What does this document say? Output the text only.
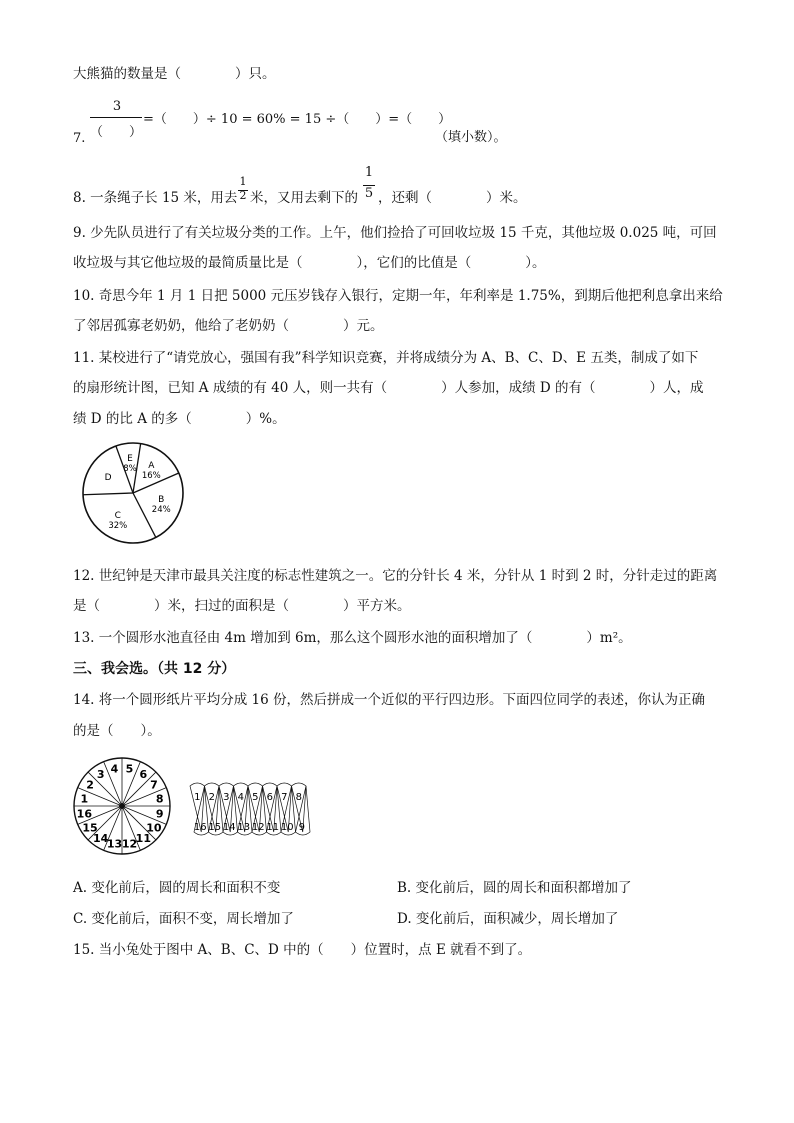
大熊猫的数量是（　　　　）只。
3
（　　）
=（　　）÷ 10 = 60% = 15 ÷（　　）=（　　）
7.	（填小数）。
8. 一条绳子长 15 米，用去
1
2 米，又用去剩下的
1
5 ，还剩（　　　　）米。
9. 少先队员进行了有关垃圾分类的工作。上午，他们捡拾了可回收垃圾 15 千克，其他垃圾 0.025 吨，可回
收垃圾与其它他垃圾的最简质量比是（　　　　），它们的比值是（　　　　）。
10. 奇思今年 1 月 1 日把 5000 元压岁钱存入银行，定期一年，年利率是 1.75%，到期后他把利息拿出来给
了邻居孤寡老奶奶，他给了老奶奶（　　　　）元。
11. 某校进行了“请党放心，强国有我”科学知识竞赛，并将成绩分为 A、B、C、D、E 五类，制成了如下
的扇形统计图，已知 A 成绩的有 40 人，则一共有（　　　　）人参加，成绩 D 的有（　　　　）人，成
绩 D 的比 A 的多（　　　　）%。
A
16%
B
24%
C
32%
D
E
8%
12. 世纪钟是天津市最具关注度的标志性建筑之一。它的分针长 4 米，分针从 1 时到 2 时，分针走过的距离
是（　　　　）米，扫过的面积是（　　　　）平方米。
13. 一个圆形水池直径由 4m 增加到 6m，那么这个圆形水池的面积增加了（　　　　）m²。
三、我会选。（共 12 分）
14. 将一个圆形纸片平均分成 16 份，然后拼成一个近似的平行四边形。下面四位同学的表述，你认为正确
的是（　　）。
1
2
3 4 5 6
7
8
9
10
11
12
13
14
15
16
1
16
2
15
3
14
4
13
5
12
6
11
7
10
8
9
A. 变化前后，圆的周长和面积不变	B. 变化前后，圆的周长和面积都增加了
C. 变化前后，面积不变，周长增加了	D. 变化前后，面积减少，周长增加了
15. 当小兔处于图中 A、B、C、D 中的（　　）位置时，点 E 就看不到了。
